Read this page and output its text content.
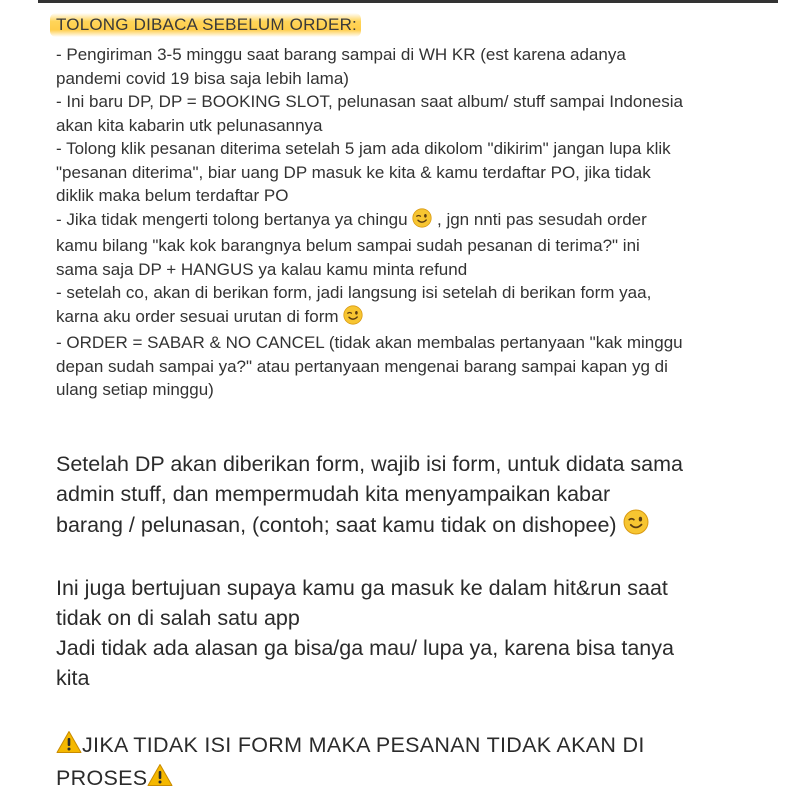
TOLONG DIBACA SEBELUM ORDER:
- Pengiriman 3-5 minggu saat barang sampai di WH KR (est karena adanya
pandemi covid 19 bisa saja lebih lama)
- Ini baru DP, DP = BOOKING SLOT, pelunasan saat album/ stuff sampai Indonesia
akan kita kabarin utk pelunasannya
- Tolong klik pesanan diterima setelah 5 jam ada dikolom "dikirim" jangan lupa klik
"pesanan diterima", biar uang DP masuk ke kita & kamu terdaftar PO, jika tidak
diklik maka belum terdaftar PO
- Jika tidak mengerti tolong bertanya ya chingu  , jgn nnti pas sesudah order
kamu bilang "kak kok barangnya belum sampai sudah pesanan di terima?" ini
sama saja DP + HANGUS ya kalau kamu minta refund
- setelah co, akan di berikan form, jadi langsung isi setelah di berikan form yaa,
karna aku order sesuai urutan di form
- ORDER = SABAR & NO CANCEL (tidak akan membalas pertanyaan "kak minggu
depan sudah sampai ya?" atau pertanyaan mengenai barang sampai kapan yg di
ulang setiap minggu)
Setelah DP akan diberikan form, wajib isi form, untuk didata sama
admin stuff, dan mempermudah kita menyampaikan kabar
barang / pelunasan, (contoh; saat kamu tidak on dishopee)
Ini juga bertujuan supaya kamu ga masuk ke dalam hit&run saat
tidak on di salah satu app
Jadi tidak ada alasan ga bisa/ga mau/ lupa ya, karena bisa tanya
kita
JIKA TIDAK ISI FORM MAKA PESANAN TIDAK AKAN DI
PROSES
